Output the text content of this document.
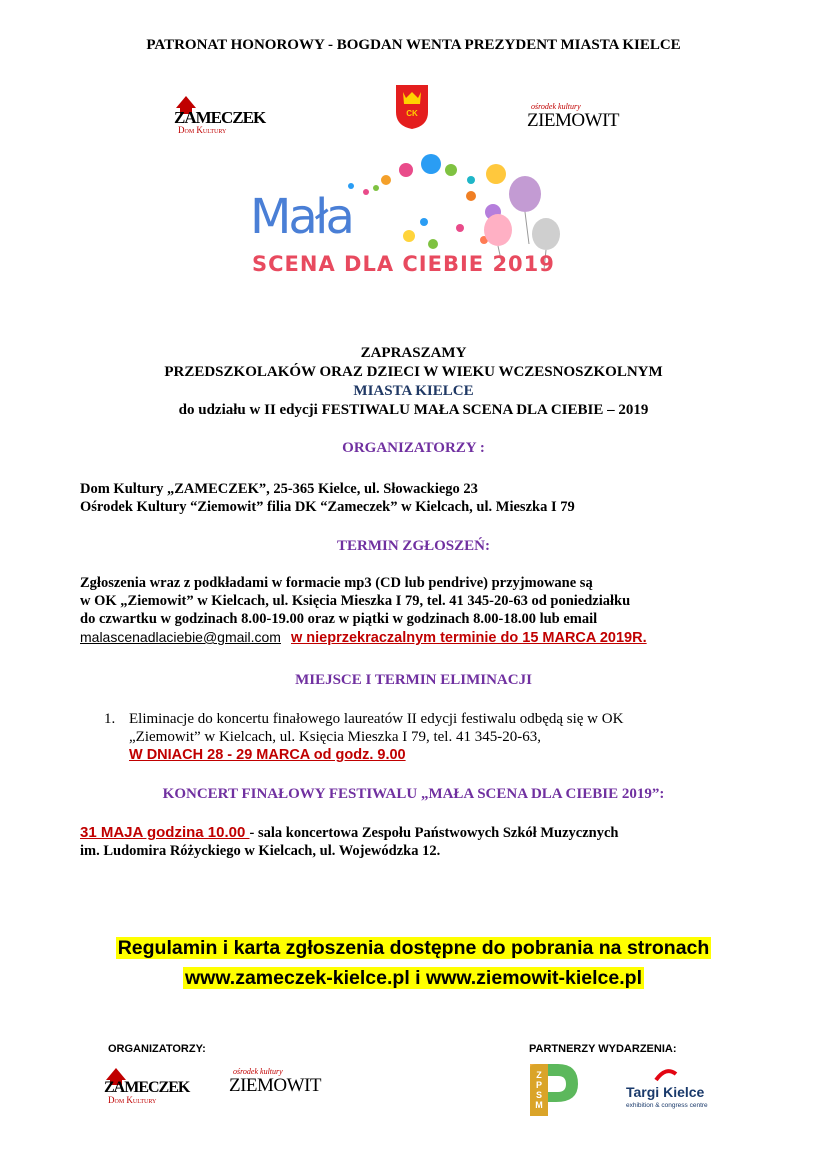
PATRONAT HONOROWY - BOGDAN WENTA PREZYDENT MIASTA KIELCE
ZAMECZEK
Dom Kultury
CK
ośrodek kultury
ZIEMOWIT
Mała
SCENA DLA CIEBIE 2019
ZAPRASZAMY
PRZEDSZKOLAKÓW ORAZ DZIECI W WIEKU WCZESNOSZKOLNYM
MIASTA KIELCE
do udziału w II edycji FESTIWALU MAŁA SCENA DLA CIEBIE – 2019
ORGANIZATORZY :
Dom Kultury „ZAMECZEK”, 25-365 Kielce, ul. Słowackiego 23
Ośrodek Kultury “Ziemowit” filia DK “Zameczek” w Kielcach, ul. Mieszka I 79
TERMIN ZGŁOSZEŃ:
Zgłoszenia wraz z podkładami w formacie mp3 (CD lub pendrive) przyjmowane są
w OK „Ziemowit” w Kielcach, ul. Księcia Mieszka I 79, tel. 41 345-20-63 od poniedziałku
do czwartku w godzinach 8.00-19.00 oraz w piątki w godzinach 8.00-18.00 lub email
malascenadlaciebie@gmail.com w nieprzekraczalnym terminie do 15 MARCA 2019R.
MIEJSCE I TERMIN ELIMINACJI
1. Eliminacje do koncertu finałowego laureatów II edycji festiwalu odbędą się w OK
„Ziemowit” w Kielcach, ul. Księcia Mieszka I 79, tel. 41 345-20-63,
W DNIACH 28 - 29 MARCA od godz. 9.00
KONCERT FINAŁOWY FESTIWALU „MAŁA SCENA DLA CIEBIE 2019”:
31 MAJA godzina 10.00 - sala koncertowa Zespołu Państwowych Szkół Muzycznych
im. Ludomira Różyckiego w Kielcach, ul. Wojewódzka 12.
Regulamin i karta zgłoszenia dostępne do pobrania na stronach
www.zameczek-kielce.pl i www.ziemowit-kielce.pl
ORGANIZATORZY:	PARTNERZY WYDARZENIA:
ZAMECZEK
Dom Kultury
ośrodek kultury
ZIEMOWIT	Z
P
S
M
Targi Kielce
exhibition & congress centre
